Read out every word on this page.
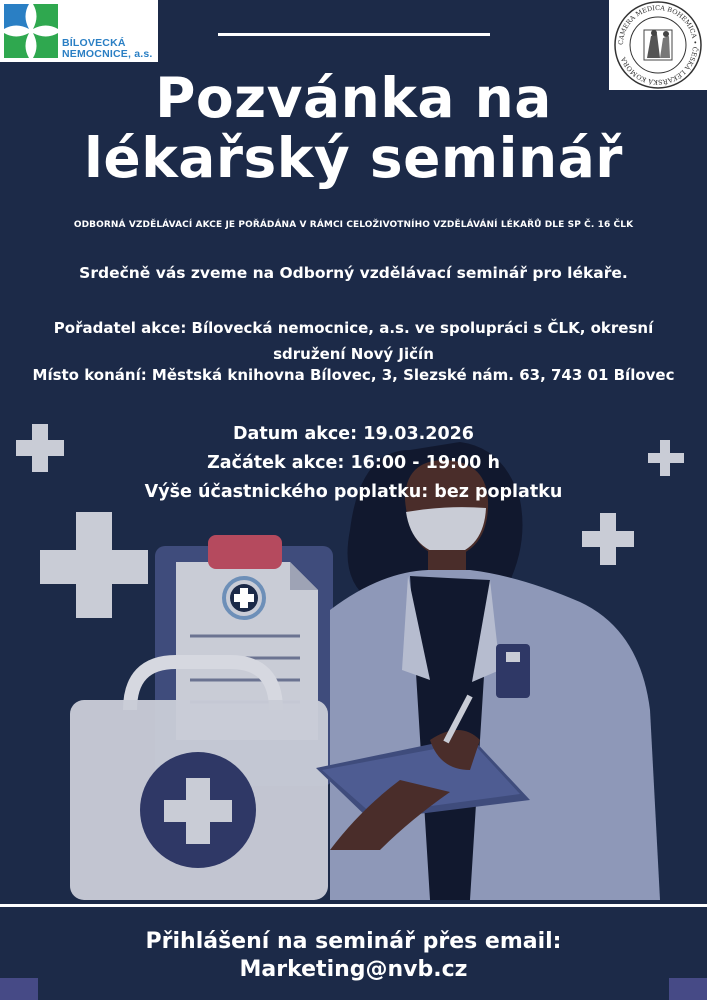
BÍLOVECKÁ
NEMOCNICE, a.s.
CAMERA MEDICA BOHEMICA • ČESKÁ LÉKAŘSKÁ KOMORA
Pozvánka na
lékařský seminář
ODBORNÁ VZDĚLÁVACÍ AKCE JE POŘÁDÁNA V RÁMCI CELOŽIVOTNÍHO VZDĚLÁVÁNÍ LÉKAŘŮ DLE SP Č. 16 ČLK
Srdečně vás zveme na Odborný vzdělávací seminář pro lékaře.
Pořadatel akce: Bílovecká nemocnice, a.s. ve spolupráci s ČLK, okresní sdružení Nový Jičín
Místo konání: Městská knihovna Bílovec, 3, Slezské nám. 63, 743 01 Bílovec
Datum akce: 19.03.2026
Začátek akce: 16:00 - 19:00 h
Výše účastnického poplatku: bez poplatku
Přihlášení na seminář přes email:
Marketing@nvb.cz
